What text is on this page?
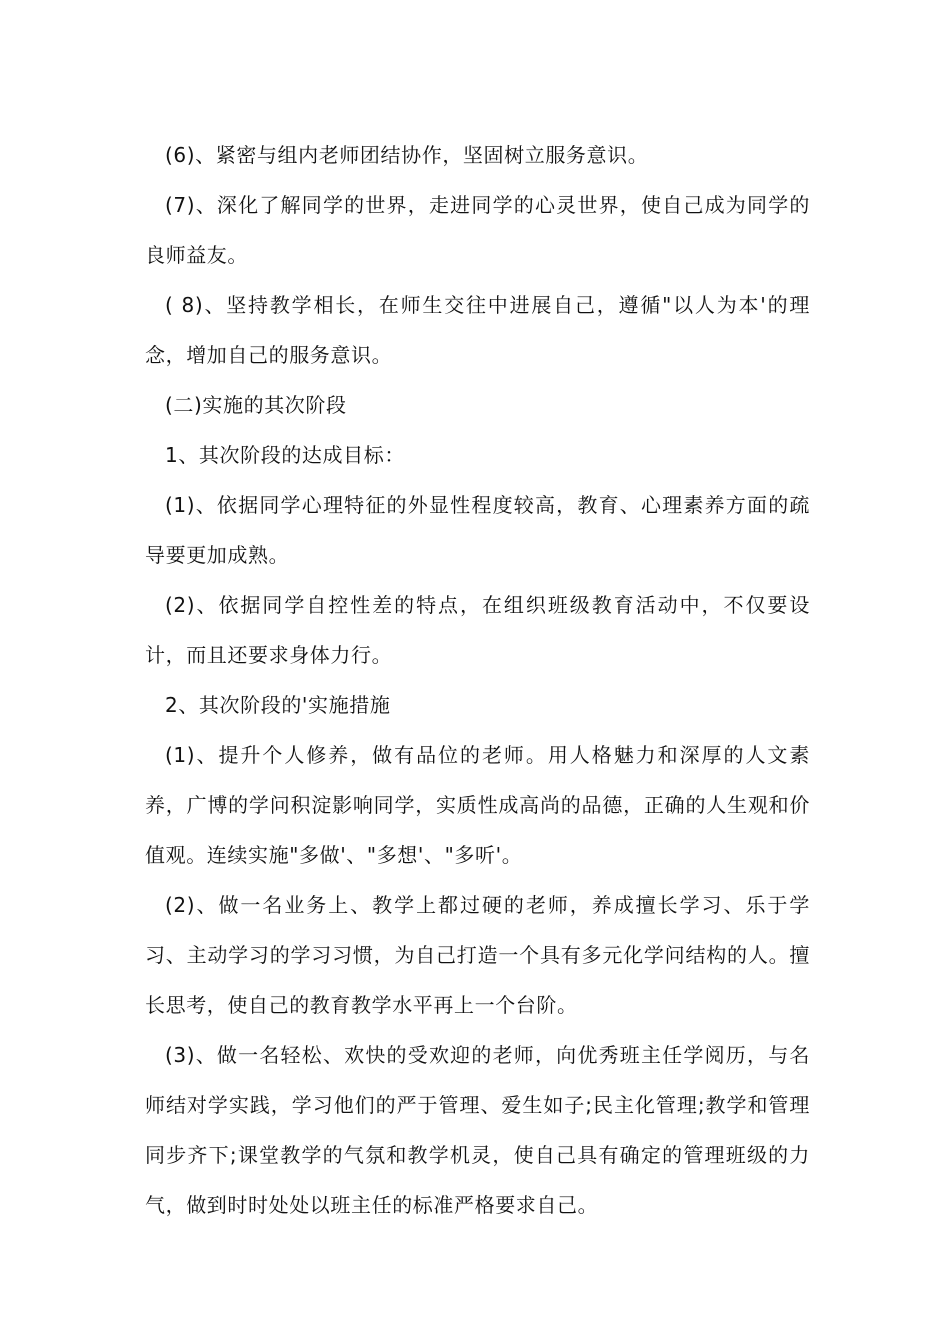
(6)、紧密与组内老师团结协作，坚固树立服务意识。

(7)、深化了解同学的世界，走进同学的心灵世界，使自己成为同学的良师益友。

( 8)、坚持教学相长，在师生交往中进展自己，遵循"以人为本'的理念，增加自己的服务意识。

(二)实施的其次阶段

1、其次阶段的达成目标：

(1)、依据同学心理特征的外显性程度较高，教育、心理素养方面的疏导要更加成熟。

(2)、依据同学自控性差的特点，在组织班级教育活动中，不仅要设计，而且还要求身体力行。

2、其次阶段的'实施措施

(1)、提升个人修养，做有品位的老师。用人格魅力和深厚的人文素养，广博的学问积淀影响同学，实质性成高尚的品德，正确的人生观和价值观。连续实施"多做'、"多想'、"多听'。

(2)、做一名业务上、教学上都过硬的老师，养成擅长学习、乐于学习、主动学习的学习习惯，为自己打造一个具有多元化学问结构的人。擅长思考，使自己的教育教学水平再上一个台阶。

(3)、做一名轻松、欢快的受欢迎的老师，向优秀班主任学阅历，与名师结对学实践，学习他们的严于管理、爱生如子;民主化管理;教学和管理同步齐下;课堂教学的气氛和教学机灵，使自己具有确定的管理班级的力气，做到时时处处以班主任的标准严格要求自己。
